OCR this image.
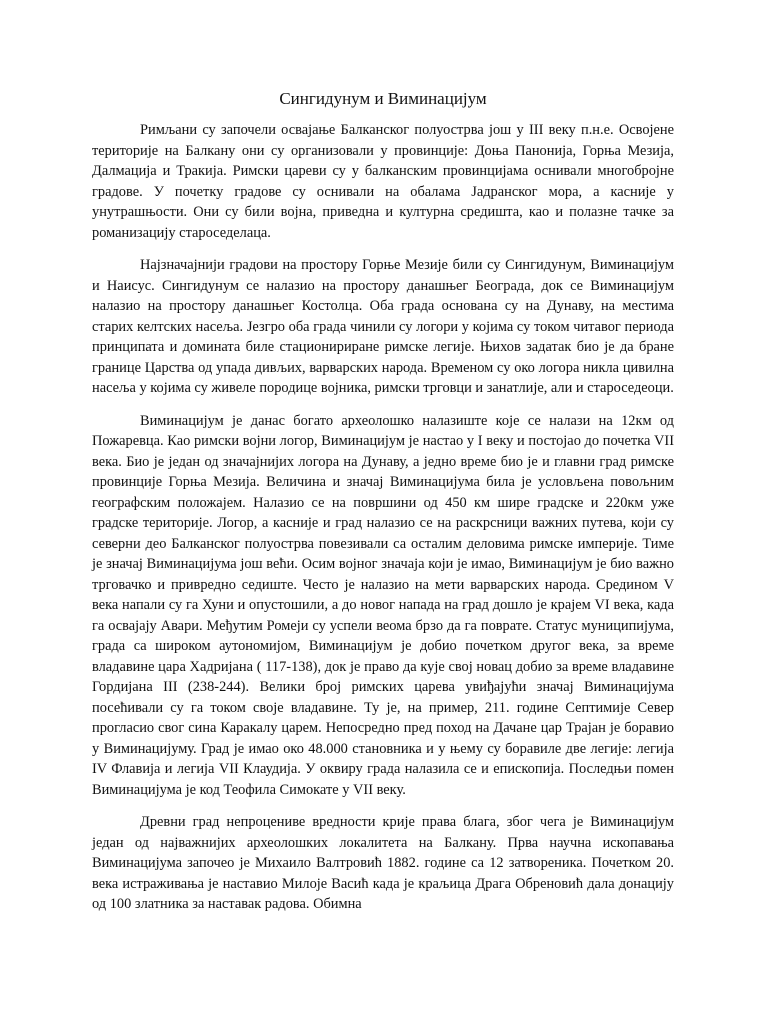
Сингидунум и Виминацијум

Римљани су започели освајање Балканског полуострва још у III веку п.н.е. Освојене територије на Балкану они су организовали у провинције: Доња Панонија, Горња Мезија, Далмација и Тракија. Римски цареви су у балканским провинцијама оснивали многобројне градове. У почетку градове су оснивали на обалама Јадранског мора, а касније у унутрашњости. Они су били војна, приведна и културна средишта, као и полазне тачке за романизацију староседелаца.

Најзначајнији градови на простору Горње Мезије били су Сингидунум, Виминацијум и Наисус. Сингидунум се налазио на простору данашњег Београда, док се Виминацијум налазио на простору данашњег Костолца. Оба града основана су на Дунаву, на местима старих келтских насеља. Језгро оба града чинили су логори у којима су током читавог периода принципата и домината биле стационириране римске легије. Њихов задатак био је да бране границе Царства од упада дивљих, варварских народа. Временом су око логора никла цивилна насеља у којима су живеле породице војника, римски трговци и занатлије, али и староседеоци.

Виминацијум је данас богато археолошко налазиште које се налази на 12км од Пожаревца. Као римски војни логор, Виминацијум је настао у I веку и постојао до почетка VII века. Био је један од значајнијих логора на Дунаву, а једно време био је и главни град римске провинције Горња Мезија. Величина и значај Виминацијума била је условљена повољним географским положајем. Налазио се на површини од 450 км шире градске и 220км уже градске територије. Логор, а касније и град налазио се на раскрсници важних путева, који су северни део Балканског полуострва повезивали са осталим деловима римске империје. Тиме је значај Виминацијума још већи. Осим војног значаја који је имао, Виминацијум је био важно трговачко и привредно седиште. Често је налазио на мети варварских народа. Средином V века напали су га Хуни и опустошили, а до новог напада на град дошло је крајем VI века, када га освајају Авари. Међутим Ромеји су успели веома брзо да га поврате. Статус муниципијума, града са широком аутономијом, Виминацијум је добио почетком другог века, за време владавине цара Хадријана ( 117-138), док је право да кује свој новац добио за време владавине Гордијана III (238-244). Велики број римских царева увиђајући значај Виминацијума посећивали су га током своје владавине. Ту је, на пример, 211. године Септимије Север прогласио свог сина Каракалу царем. Непосредно пред поход на Дачане цар Трајан је боравио у Виминацијуму. Град је имао око 48.000 становника и у њему су боравиле две легије: легија IV Флавија и легија VII Клаудија. У оквиру града налазила се и епископија. Последњи помен Виминацијума је код Теофила Симокате у VII веку.

Древни град непроцениве вредности крије права блага, због чега је Виминацијум један од најважнијих археолошких локалитета на Балкану. Прва научна ископавања Виминацијума започео је Михаило Валтровић 1882. године са 12 затвореника. Почетком 20. века истраживања је наставио Милоје Васић када је краљица Драга Обреновић дала донацију од 100 златника за наставак радова. Обимна
